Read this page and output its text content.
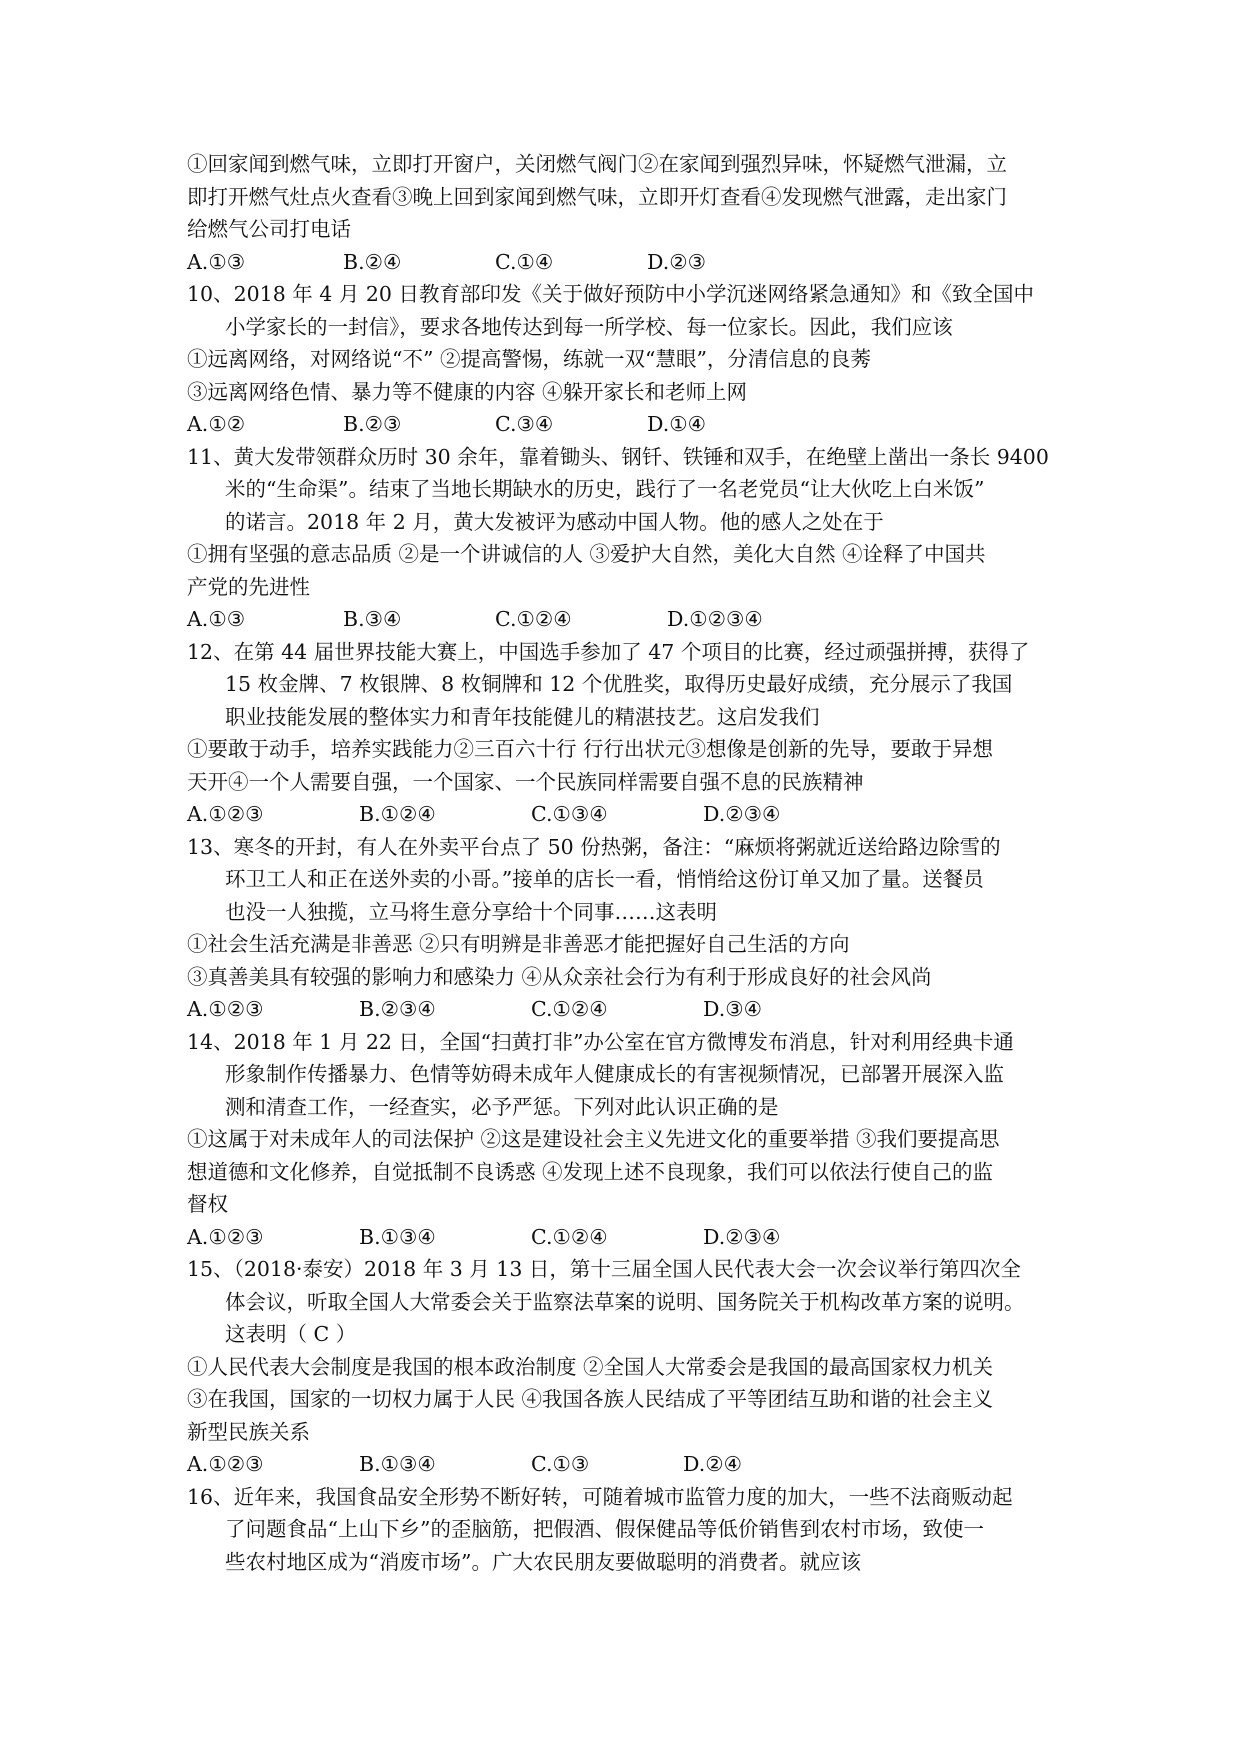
①回家闻到燃气味，立即打开窗户，关闭燃气阀门②在家闻到强烈异味，怀疑燃气泄漏，立
即打开燃气灶点火查看③晚上回到家闻到燃气味，立即开灯查看④发现燃气泄露，走出家门
给燃气公司打电话
A.①③	B.②④	C.①④	D.②③
10、2018 年 4 月 20 日教育部印发《关于做好预防中小学沉迷网络紧急通知》和《致全国中
小学家长的一封信》，要求各地传达到每一所学校、每一位家长。因此，我们应该
①远离网络，对网络说“不” ②提高警惕，练就一双“慧眼”，分清信息的良莠
③远离网络色情、暴力等不健康的内容 ④躲开家长和老师上网
A.①②	B.②③	C.③④	D.①④
11、黄大发带领群众历时 30 余年，靠着锄头、钢钎、铁锤和双手，在绝壁上凿出一条长 9400
米的“生命渠”。结束了当地长期缺水的历史，践行了一名老党员“让大伙吃上白米饭”
的诺言。2018 年 2 月，黄大发被评为感动中国人物。他的感人之处在于
①拥有坚强的意志品质 ②是一个讲诚信的人 ③爱护大自然，美化大自然 ④诠释了中国共
产党的先进性
A.①③	B.③④	C.①②④	D.①②③④
12、在第 44 届世界技能大赛上，中国选手参加了 47 个项目的比赛，经过顽强拼搏，获得了
15 枚金牌、7 枚银牌、8 枚铜牌和 12 个优胜奖，取得历史最好成绩，充分展示了我国
职业技能发展的整体实力和青年技能健儿的精湛技艺。这启发我们
①要敢于动手，培养实践能力②三百六十行 行行出状元③想像是创新的先导，要敢于异想
天开④一个人需要自强，一个国家、一个民族同样需要自强不息的民族精神
A.①②③	B.①②④	C.①③④	D.②③④
13、寒冬的开封，有人在外卖平台点了 50 份热粥，备注：“麻烦将粥就近送给路边除雪的
环卫工人和正在送外卖的小哥。”接单的店长一看，悄悄给这份订单又加了量。送餐员
也没一人独揽，立马将生意分享给十个同事……这表明
①社会生活充满是非善恶 ②只有明辨是非善恶才能把握好自己生活的方向
③真善美具有较强的影响力和感染力 ④从众亲社会行为有利于形成良好的社会风尚
A.①②③	B.②③④	C.①②④	D.③④
14、2018 年 1 月 22 日，全国“扫黄打非”办公室在官方微博发布消息，针对利用经典卡通
形象制作传播暴力、色情等妨碍未成年人健康成长的有害视频情况，已部署开展深入监
测和清查工作，一经查实，必予严惩。下列对此认识正确的是
①这属于对未成年人的司法保护 ②这是建设社会主义先进文化的重要举措 ③我们要提高思
想道德和文化修养，自觉抵制不良诱惑 ④发现上述不良现象，我们可以依法行使自己的监
督权
A.①②③	B.①③④	C.①②④	D.②③④
15、（2018·泰安）2018 年 3 月 13 日，第十三届全国人民代表大会一次会议举行第四次全
体会议，听取全国人大常委会关于监察法草案的说明、国务院关于机构改革方案的说明。
这表明（ C ）
①人民代表大会制度是我国的根本政治制度 ②全国人大常委会是我国的最高国家权力机关
③在我国，国家的一切权力属于人民 ④我国各族人民结成了平等团结互助和谐的社会主义
新型民族关系
A.①②③	B.①③④	C.①③	D.②④
16、近年来，我国食品安全形势不断好转，可随着城市监管力度的加大，一些不法商贩动起
了问题食品“上山下乡”的歪脑筋，把假酒、假保健品等低价销售到农村市场，致使一
些农村地区成为“消废市场”。广大农民朋友要做聪明的消费者。就应该
